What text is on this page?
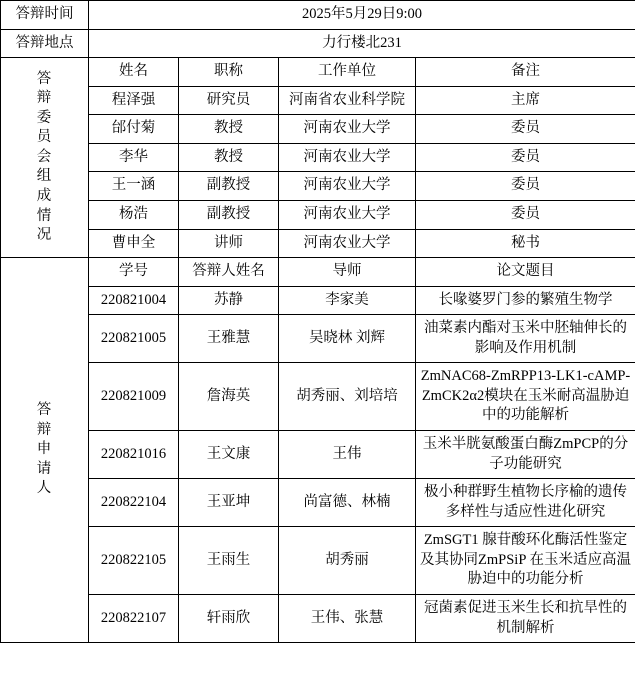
答辩时间	2025年5月29日9:00			
答辩地点	力行楼北231			

答
辩
委
员
会
组
成
情
况
	姓名	职称	工作单位	备注
	程泽强	研究员	河南省农业科学院	主席
	邰付菊	教授	河南农业大学	委员
	李华	教授	河南农业大学	委员
	王一涵	副教授	河南农业大学	委员
	杨浩	副教授	河南农业大学	委员
	曹申全	讲师	河南农业大学	秘书

答
辩
申
请
人	学号	答辩人姓名	导师	论文题目
	220821004	苏静	李家美	长喙婆罗门参的繁殖生物学
	220821005	王雅慧	吴晓林 刘辉	油菜素内酯对玉米中胚轴伸长的影响及作用机制
	220821009	詹海英	胡秀丽、刘培培	ZmNAC68-ZmRPP13-LK1-cAMP-ZmCK2α2模块在玉米耐高温胁迫中的功能解析
	220821016	王文康	王伟	玉米半胱氨酸蛋白酶ZmPCP的分子功能研究
	220822104	王亚坤	尚富德、林楠	极小种群野生植物长序榆的遗传多样性与适应性进化研究
	220822105	王雨生	胡秀丽	ZmSGT1 腺苷酸环化酶活性鉴定及其协同ZmPSiP 在玉米适应高温胁迫中的功能分析
	220822107	轩雨欣	王伟、张慧	冠菌素促进玉米生长和抗旱性的机制解析
